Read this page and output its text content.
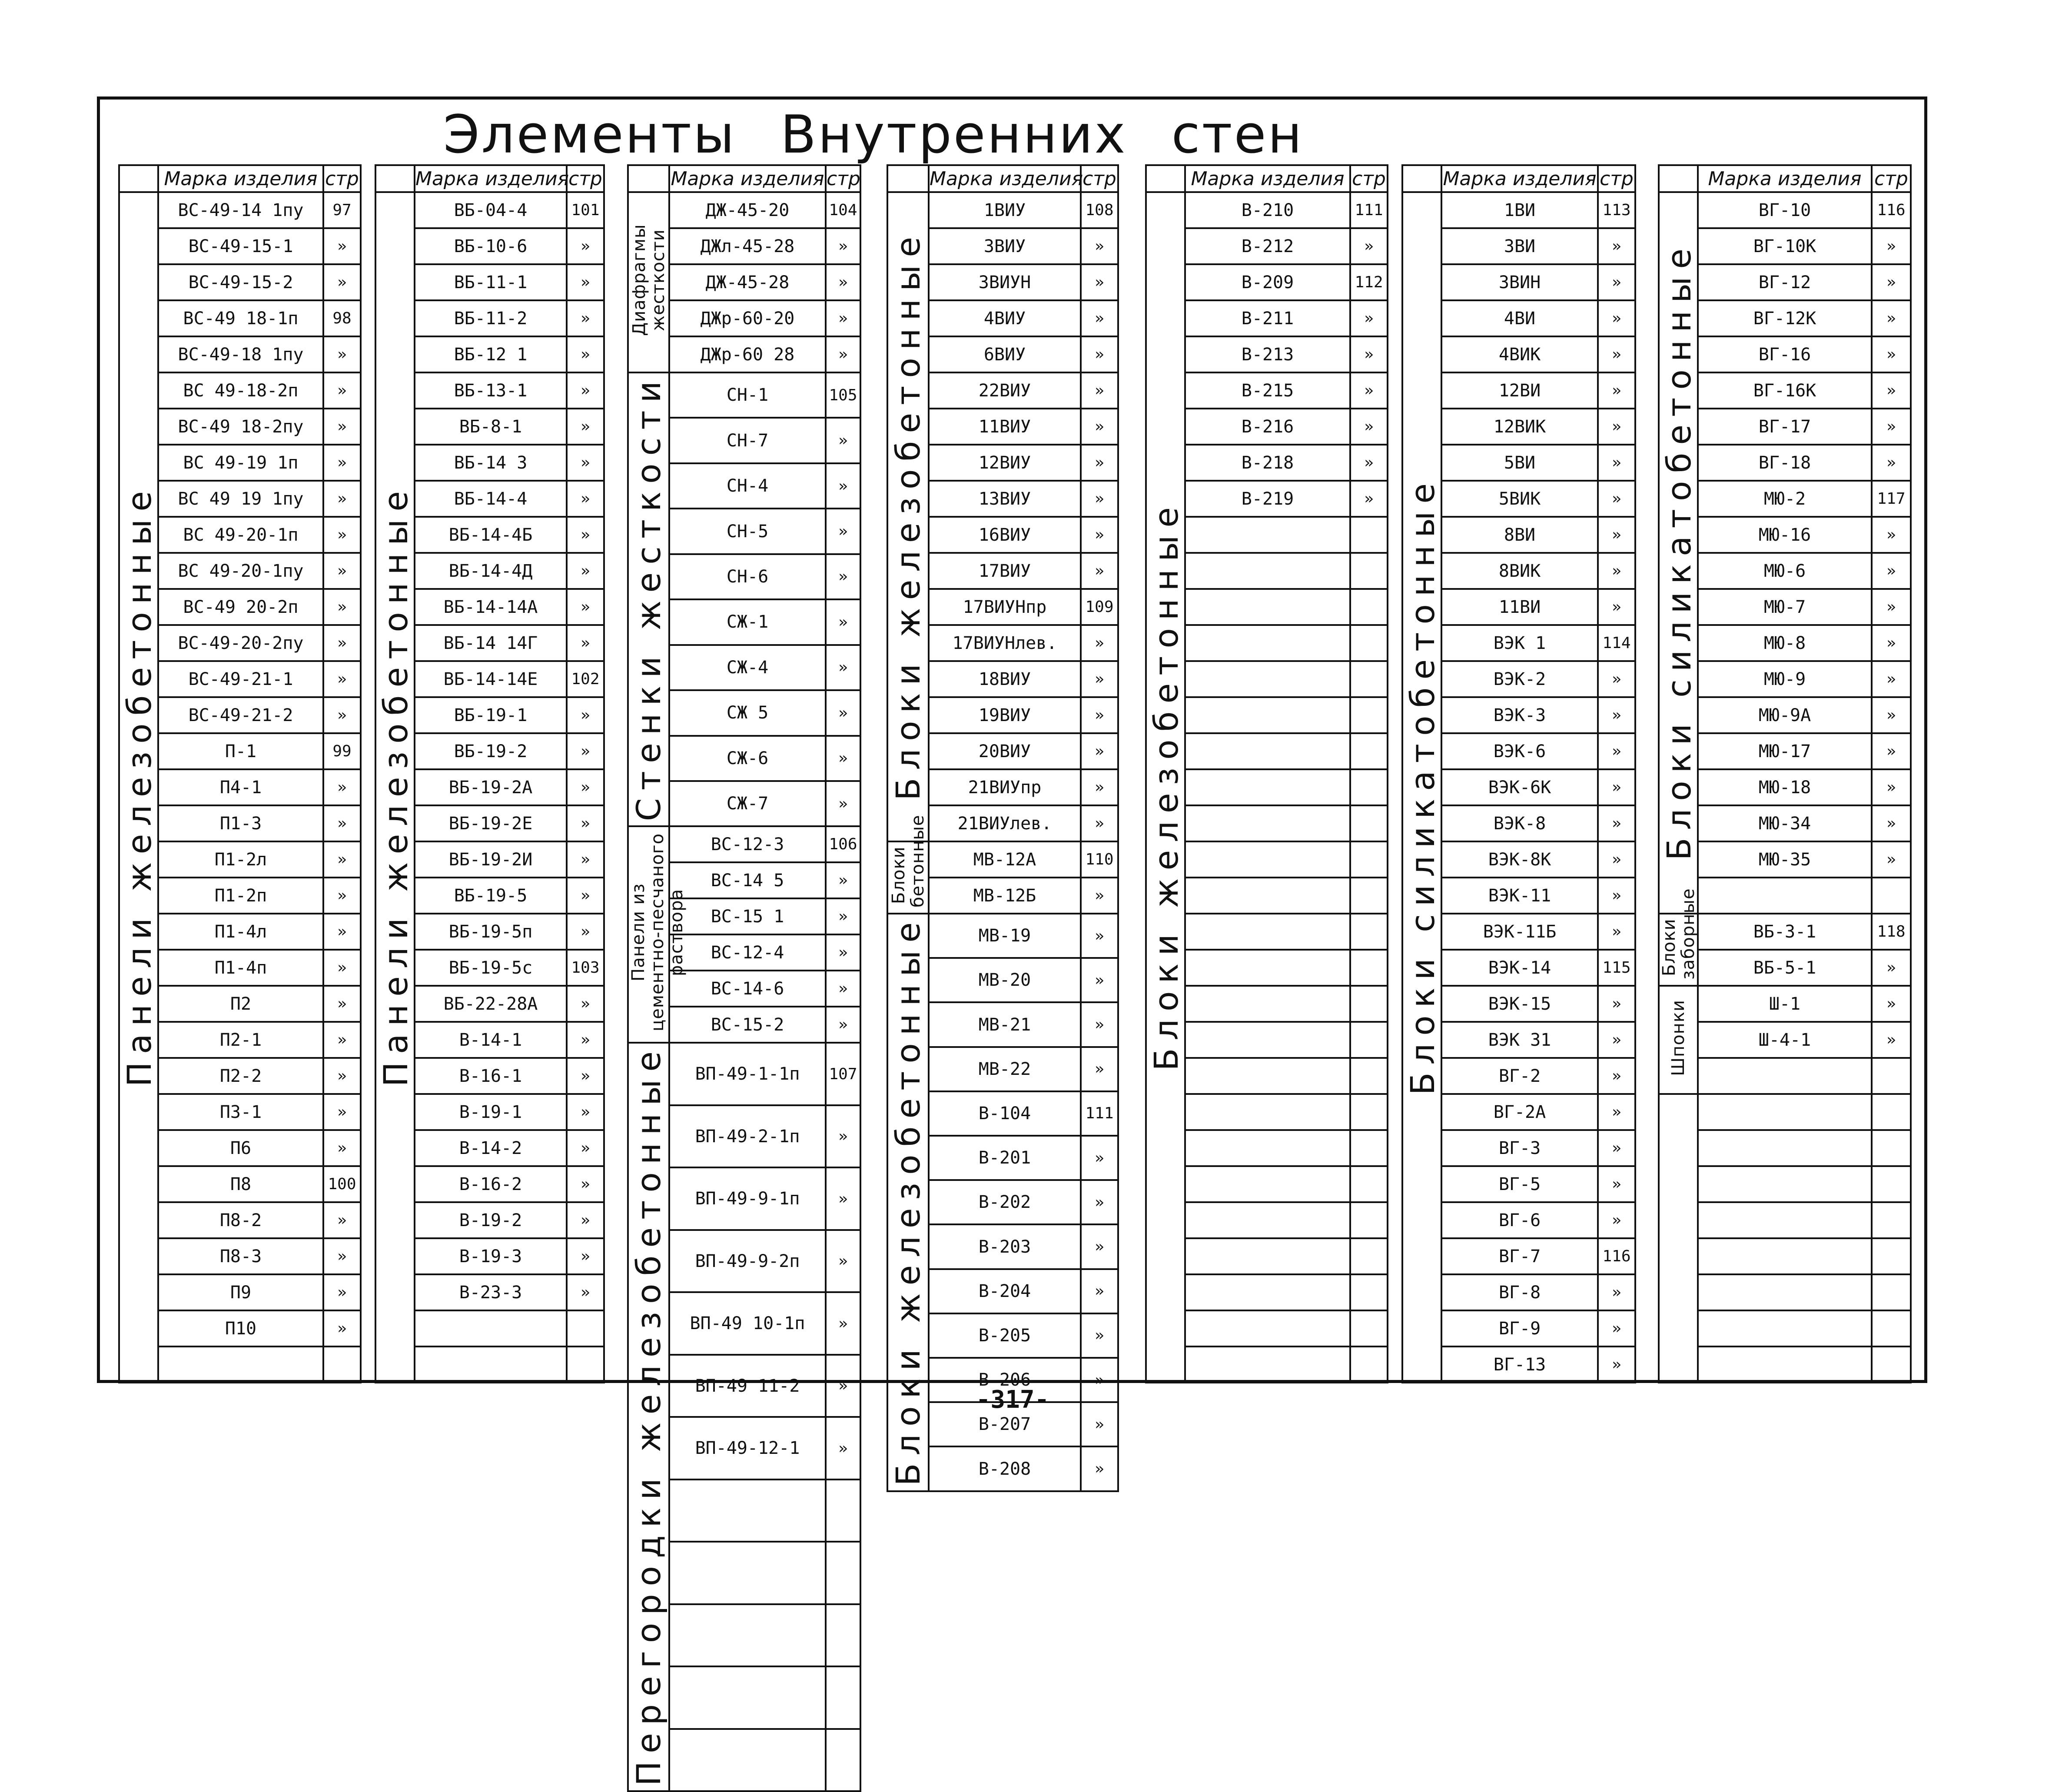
Элементы Внутренних стен
	Марка изделия	стр
Панели железобетонные	ВС-49-14 1пу	97
	ВС-49-15-1	»
	ВС-49-15-2	»
	ВС-49 18-1п	98
	ВС-49-18 1пу	»
	ВС 49-18-2п	»
	ВС-49 18-2пу	»
	ВС 49-19 1п	»
	ВС 49 19 1пу	»
	ВС 49-20-1п	»
	ВС 49-20-1пу	»
	ВС-49 20-2п	»
	ВС-49-20-2пу	»
	ВС-49-21-1	»
	ВС-49-21-2	»
	П-1	99
	П4-1	»
	П1-3	»
	П1-2л	»
	П1-2п	»
	П1-4л	»
	П1-4п	»
	П2	»
	П2-1	»
	П2-2	»
	П3-1	»
	П6	»
	П8	100
	П8-2	»
	П8-3	»
	П9	»
	П10	»

	Марка изделия	стр
Панели железобетонные	ВБ-04-4	101
	ВБ-10-6	»
	ВБ-11-1	»
	ВБ-11-2	»
	ВБ-12 1	»
	ВБ-13-1	»
	ВБ-8-1	»
	ВБ-14 3	»
	ВБ-14-4	»
	ВБ-14-4Б	»
	ВБ-14-4Д	»
	ВБ-14-14А	»
	ВБ-14 14Г	»
	ВБ-14-14Е	102
	ВБ-19-1	»
	ВБ-19-2	»
	ВБ-19-2А	»
	ВБ-19-2Е	»
	ВБ-19-2И	»
	ВБ-19-5	»
	ВБ-19-5п	»
	ВБ-19-5с	103
	ВБ-22-28А	»
	В-14-1	»
	В-16-1	»
	В-19-1	»
	В-14-2	»
	В-16-2	»
	В-19-2	»
	В-19-3	»
	В-23-3	»

	Марка изделия	стр
Диафрагмы жесткости	ДЖ-45-20	104
	ДЖл-45-28	»
	ДЖ-45-28	»
	ДЖр-60-20	»
	ДЖр-60 28	»
Стенки жесткости	СН-1	105
	СН-7	»
	СН-4	»
	СН-5	»
	СН-6	»
	СЖ-1	»
	СЖ-4	»
	СЖ 5	»
	СЖ-6	»
	СЖ-7	»
Панели из цементно-песчаного раствора	ВС-12-3	106
	ВС-14 5	»
	ВС-15 1	»
	ВС-12-4	»
	ВС-14-6	»
	ВС-15-2	»
Перегородки железобетонные	ВП-49-1-1п	107
	ВП-49-2-1п	»
	ВП-49-9-1п	»
	ВП-49-9-2п	»
	ВП-49 10-1п	»
	ВП-49 11-2	»
	ВП-49-12-1	»

	Марка изделия	стр
Блоки железобетонные	1ВИУ	108
	3ВИУ	»
	3ВИУН	»
	4ВИУ	»
	6ВИУ	»
	22ВИУ	»
	11ВИУ	»
	12ВИУ	»
	13ВИУ	»
	16ВИУ	»
	17ВИУ	»
	17ВИУНпр	109
	17ВИУНлев.	»
	18ВИУ	»
	19ВИУ	»
	20ВИУ	»
	21ВИУпр	»
	21ВИУлев.	»
Блоки бетонные	МВ-12А	110
	МВ-12Б	»
Блоки железобетонные	МВ-19	»
	МВ-20	»
	МВ-21	»
	МВ-22	»
	В-104	111
	В-201	»
	В-202	»
	В-203	»
	В-204	»
	В-205	»
	В-206	»
	В-207	»
	В-208	»
	Марка изделия	стр
Блоки железобетонные	В-210	111
	В-212	»
	В-209	112
	В-211	»
	В-213	»
	В-215	»
	В-216	»
	В-218	»
	В-219	»

	Марка изделия	стр
Блоки силикатобетонные	1ВИ	113
	3ВИ	»
	3ВИН	»
	4ВИ	»
	4ВИК	»
	12ВИ	»
	12ВИК	»
	5ВИ	»
	5ВИК	»
	8ВИ	»
	8ВИК	»
	11ВИ	»
	ВЭК 1	114
	ВЭК-2	»
	ВЭК-3	»
	ВЭК-6	»
	ВЭК-6К	»
	ВЭК-8	»
	ВЭК-8К	»
	ВЭК-11	»
	ВЭК-11Б	»
	ВЭК-14	115
	ВЭК-15	»
	ВЭК 31	»
	ВГ-2	»
	ВГ-2А	»
	ВГ-3	»
	ВГ-5	»
	ВГ-6	»
	ВГ-7	116
	ВГ-8	»
	ВГ-9	»
	ВГ-13	»
	Марка изделия	стр
Блоки силикатобетонные	ВГ-10	116
	ВГ-10К	»
	ВГ-12	»
	ВГ-12К	»
	ВГ-16	»
	ВГ-16К	»
	ВГ-17	»
	ВГ-18	»
	МЮ-2	117
	МЮ-16	»
	МЮ-6	»
	МЮ-7	»
	МЮ-8	»
	МЮ-9	»
	МЮ-9А	»
	МЮ-17	»
	МЮ-18	»
	МЮ-34	»
	МЮ-35	»

Блоки заборные	ВБ-3-1	118
	ВБ-5-1	»
Шпонки	Ш-1	»
	Ш-4-1	»

-317-
